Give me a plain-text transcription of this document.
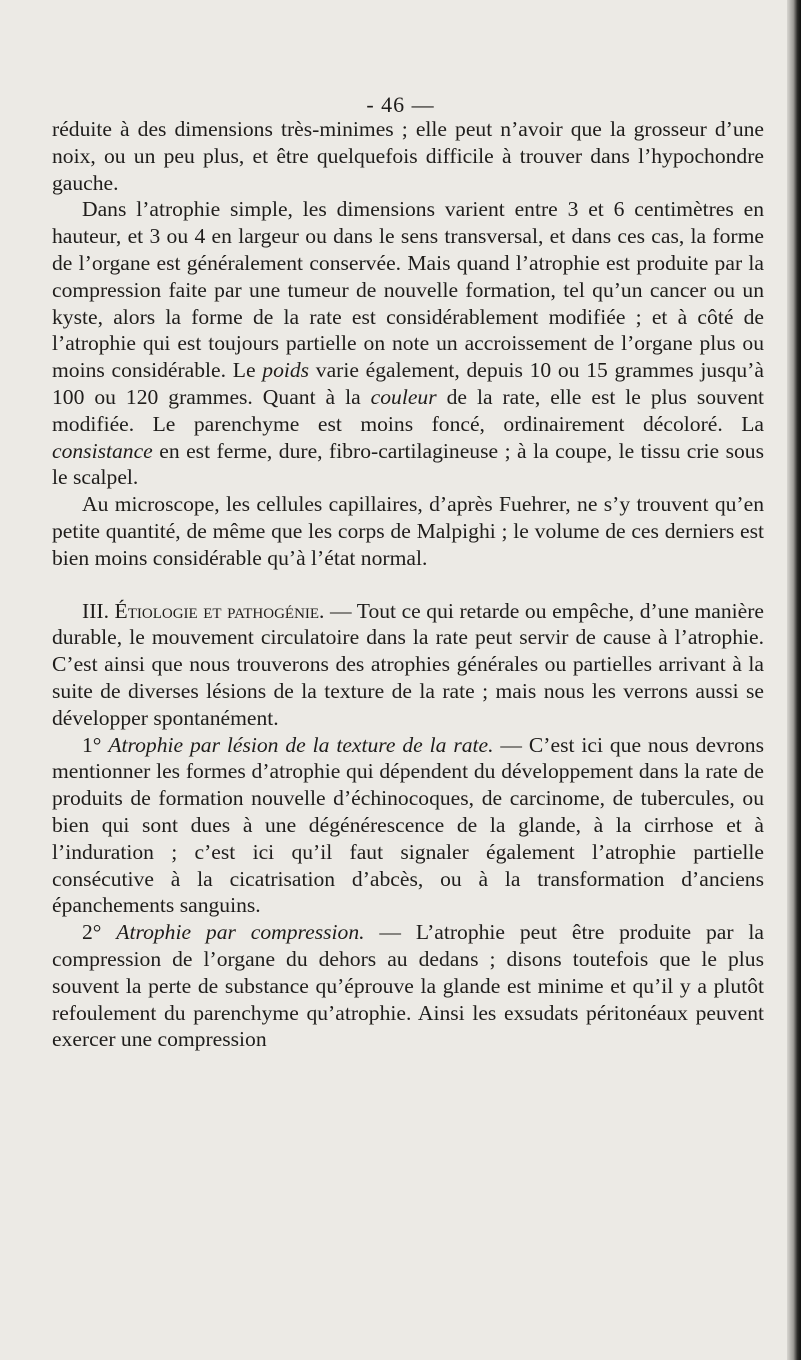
- 46 —

réduite à des dimensions très-minimes ; elle peut n’avoir que la grosseur d’une noix, ou un peu plus, et être quelquefois difficile à trouver dans l’hypochondre gauche.

Dans l’atrophie simple, les dimensions varient entre 3 et 6 centimètres en hauteur, et 3 ou 4 en largeur ou dans le sens transversal, et dans ces cas, la forme de l’organe est généralement conservée. Mais quand l’atrophie est produite par la compression faite par une tumeur de nouvelle formation, tel qu’un cancer ou un kyste, alors la forme de la rate est considérablement modifiée ; et à côté de l’atrophie qui est toujours partielle on note un accroissement de l’organe plus ou moins considérable. Le poids varie également, depuis 10 ou 15 grammes jusqu’à 100 ou 120 grammes. Quant à la couleur de la rate, elle est le plus souvent modifiée. Le parenchyme est moins foncé, ordinairement décoloré. La consistance en est ferme, dure, fibro-cartilagineuse ; à la coupe, le tissu crie sous le scalpel.

Au microscope, les cellules capillaires, d’après Fuehrer, ne s’y trouvent qu’en petite quantité, de même que les corps de Malpighi ; le volume de ces derniers est bien moins considérable qu’à l’état normal.

III. Étiologie et pathogénie. — Tout ce qui retarde ou empêche, d’une manière durable, le mouvement circulatoire dans la rate peut servir de cause à l’atrophie. C’est ainsi que nous trouverons des atrophies générales ou partielles arrivant à la suite de diverses lésions de la texture de la rate ; mais nous les verrons aussi se développer spontanément.

1° Atrophie par lésion de la texture de la rate. — C’est ici que nous devrons mentionner les formes d’atrophie qui dépendent du développement dans la rate de produits de formation nouvelle d’échinocoques, de carcinome, de tubercules, ou bien qui sont dues à une dégénérescence de la glande, à la cirrhose et à l’induration ; c’est ici qu’il faut signaler également l’atrophie partielle consécutive à la cicatrisation d’abcès, ou à la transformation d’anciens épanchements sanguins.

2° Atrophie par compression. — L’atrophie peut être produite par la compression de l’organe du dehors au dedans ; disons toutefois que le plus souvent la perte de substance qu’éprouve la glande est minime et qu’il y a plutôt refoulement du parenchyme qu’atrophie. Ainsi les exsudats péritonéaux peuvent exercer une compression
